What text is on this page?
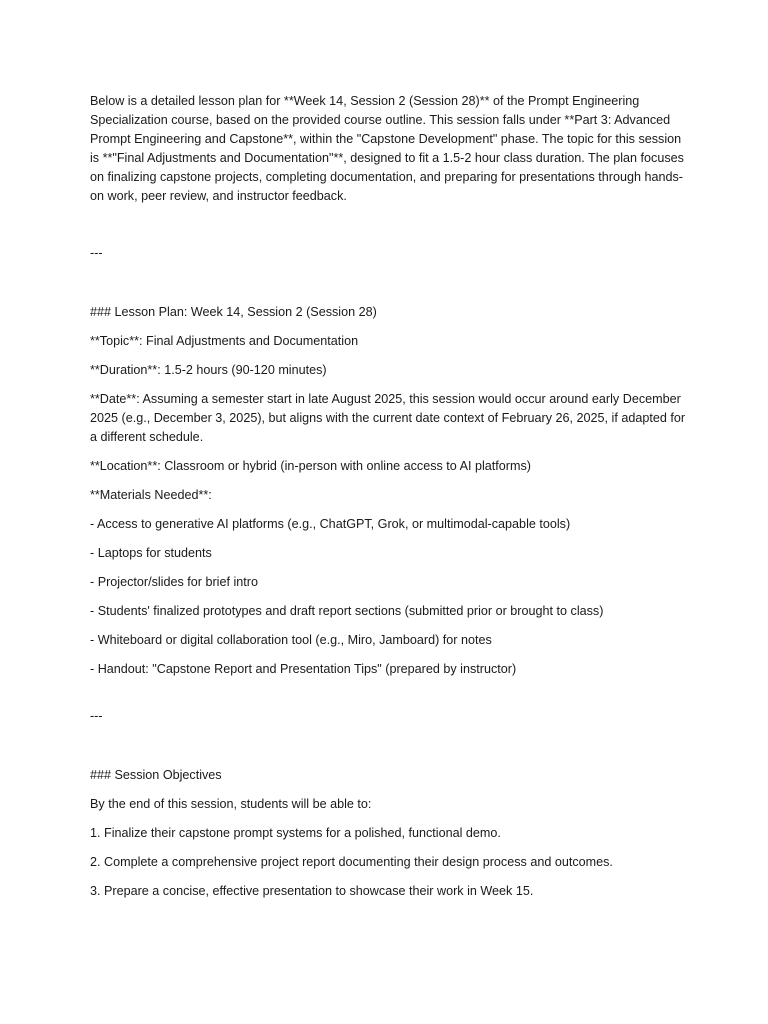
Below is a detailed lesson plan for **Week 14, Session 2 (Session 28)** of the Prompt Engineering Specialization course, based on the provided course outline. This session falls under **Part 3: Advanced Prompt Engineering and Capstone**, within the "Capstone Development" phase. The topic for this session is **"Final Adjustments and Documentation"**, designed to fit a 1.5-2 hour class duration. The plan focuses on finalizing capstone projects, completing documentation, and preparing for presentations through hands-on work, peer review, and instructor feedback.

---

### Lesson Plan: Week 14, Session 2 (Session 28)

**Topic**: Final Adjustments and Documentation

**Duration**: 1.5-2 hours (90-120 minutes)

**Date**: Assuming a semester start in late August 2025, this session would occur around early December 2025 (e.g., December 3, 2025), but aligns with the current date context of February 26, 2025, if adapted for a different schedule.

**Location**: Classroom or hybrid (in-person with online access to AI platforms)

**Materials Needed**:

- Access to generative AI platforms (e.g., ChatGPT, Grok, or multimodal-capable tools)

- Laptops for students

- Projector/slides for brief intro

- Students' finalized prototypes and draft report sections (submitted prior or brought to class)

- Whiteboard or digital collaboration tool (e.g., Miro, Jamboard) for notes

- Handout: "Capstone Report and Presentation Tips" (prepared by instructor)

---

### Session Objectives

By the end of this session, students will be able to:

1. Finalize their capstone prompt systems for a polished, functional demo.

2. Complete a comprehensive project report documenting their design process and outcomes.

3. Prepare a concise, effective presentation to showcase their work in Week 15.
